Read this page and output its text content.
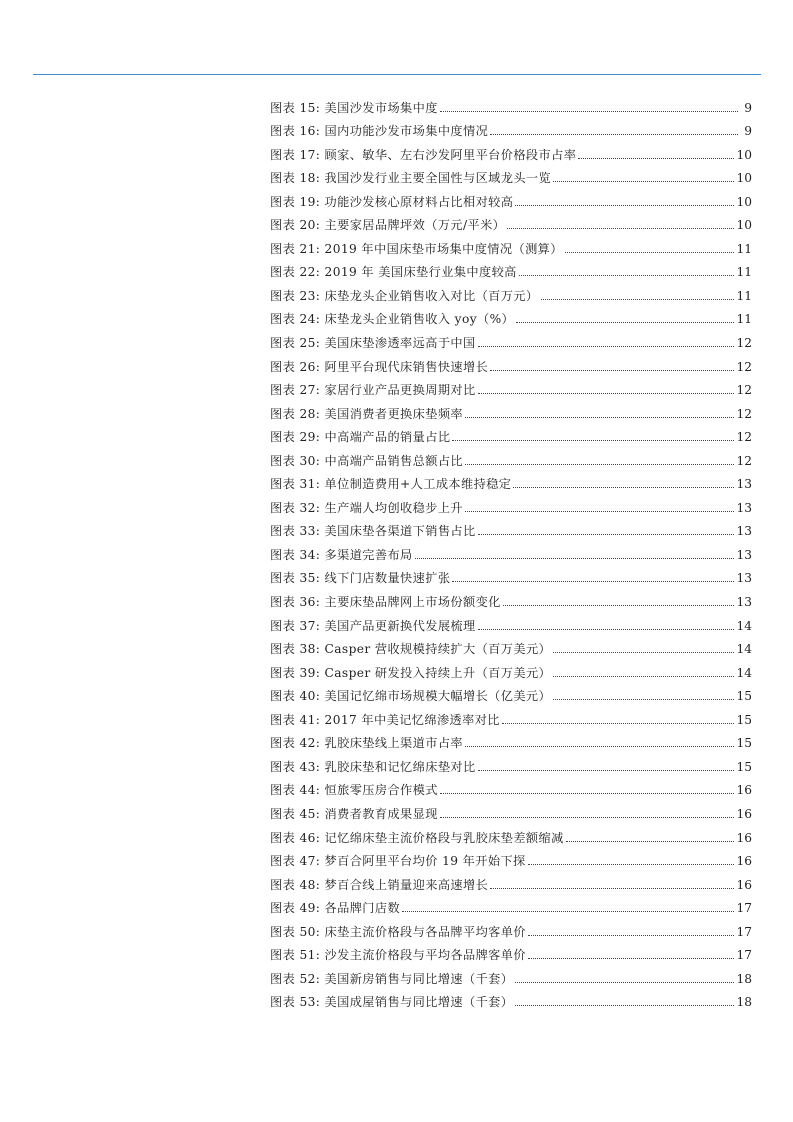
图表 15: 美国沙发市场集中度	9
图表 16: 国内功能沙发市场集中度情况	9
图表 17: 顾家、敏华、左右沙发阿里平台价格段市占率	10
图表 18: 我国沙发行业主要全国性与区域龙头一览	10
图表 19: 功能沙发核心原材料占比相对较高	10
图表 20: 主要家居品牌坪效（万元/平米）	10
图表 21: 2019 年中国床垫市场集中度情况（测算）	11
图表 22: 2019 年 美国床垫行业集中度较高	11
图表 23: 床垫龙头企业销售收入对比（百万元）	11
图表 24: 床垫龙头企业销售收入 yoy（%）	11
图表 25: 美国床垫渗透率远高于中国	12
图表 26: 阿里平台现代床销售快速增长	12
图表 27: 家居行业产品更换周期对比	12
图表 28: 美国消费者更换床垫频率	12
图表 29: 中高端产品的销量占比	12
图表 30: 中高端产品销售总额占比	12
图表 31: 单位制造费用+人工成本维持稳定	13
图表 32: 生产端人均创收稳步上升	13
图表 33: 美国床垫各渠道下销售占比	13
图表 34: 多渠道完善布局	13
图表 35: 线下门店数量快速扩张	13
图表 36: 主要床垫品牌网上市场份额变化	13
图表 37: 美国产品更新换代发展梳理	14
图表 38: Casper 营收规模持续扩大（百万美元）	14
图表 39: Casper 研发投入持续上升（百万美元）	14
图表 40: 美国记忆绵市场规模大幅增长（亿美元）	15
图表 41: 2017 年中美记忆绵渗透率对比	15
图表 42: 乳胶床垫线上渠道市占率	15
图表 43: 乳胶床垫和记忆绵床垫对比	15
图表 44: 恒旅零压房合作模式	16
图表 45: 消费者教育成果显现	16
图表 46: 记忆绵床垫主流价格段与乳胶床垫差额缩减	16
图表 47: 梦百合阿里平台均价 19 年开始下探	16
图表 48: 梦百合线上销量迎来高速增长	16
图表 49: 各品牌门店数	17
图表 50: 床垫主流价格段与各品牌平均客单价	17
图表 51: 沙发主流价格段与平均各品牌客单价	17
图表 52: 美国新房销售与同比增速（千套）	18
图表 53: 美国成屋销售与同比增速（千套）	18
